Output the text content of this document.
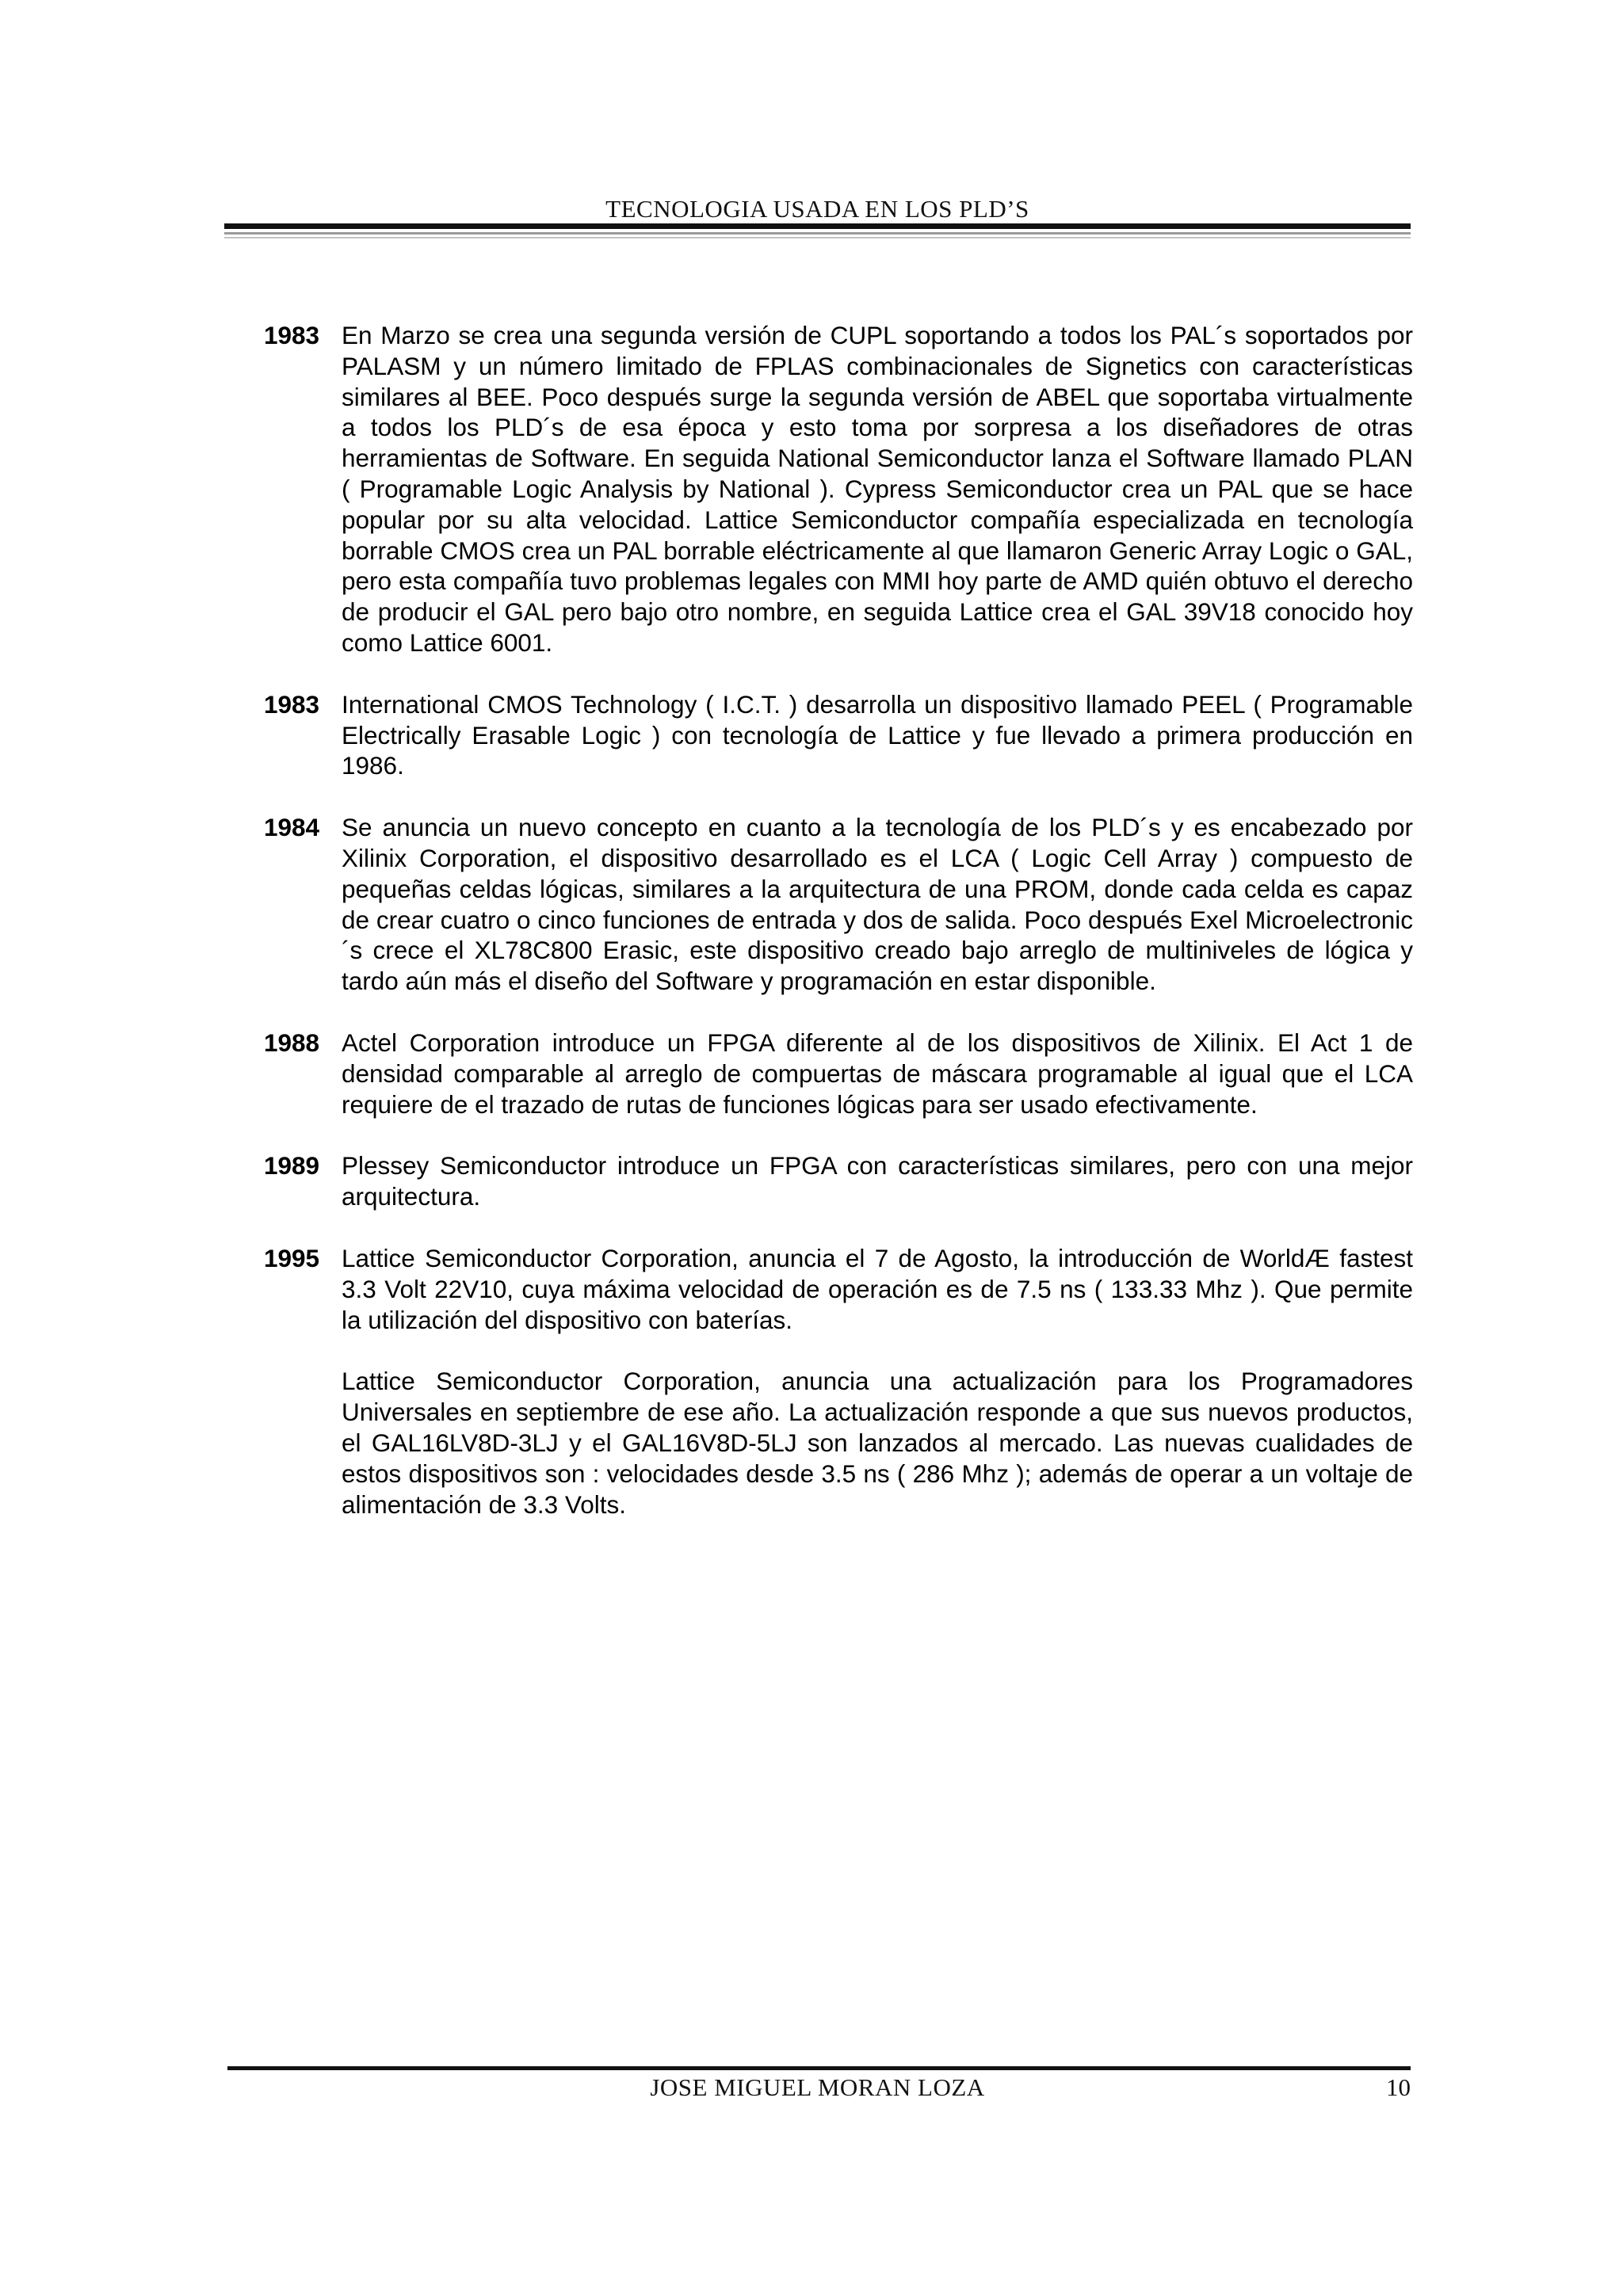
TECNOLOGIA USADA EN LOS PLD’S
1983 En Marzo se crea una segunda versión de CUPL soportando a todos los PAL´s soportados por PALASM y un número limitado de FPLAS combinacionales de Signetics con características similares al BEE. Poco después surge la segunda versión de ABEL que soportaba virtualmente a todos los PLD´s de esa época y esto toma por sorpresa a los diseñadores de otras herramientas de Software. En seguida National Semiconductor lanza el Software llamado PLAN ( Programable Logic Analysis by National ). Cypress Semiconductor crea un PAL que se hace popular por su alta velocidad. Lattice Semiconductor compañía especializada en tecnología borrable CMOS crea un PAL borrable eléctricamente al que llamaron Generic Array Logic o GAL, pero esta compañía tuvo problemas legales con MMI hoy parte de AMD quién obtuvo el derecho de producir el GAL pero bajo otro nombre, en seguida Lattice crea el GAL 39V18 conocido hoy como Lattice 6001.

1983 International CMOS Technology ( I.C.T. ) desarrolla un dispositivo llamado PEEL ( Programable Electrically Erasable Logic ) con tecnología de Lattice y fue llevado a primera producción en 1986.

1984 Se anuncia un nuevo concepto en cuanto a la tecnología de los PLD´s y es encabezado por Xilinix Corporation, el dispositivo desarrollado es el LCA ( Logic Cell Array ) compuesto de pequeñas celdas lógicas, similares a la arquitectura de una PROM, donde cada celda es capaz de crear cuatro o cinco funciones de entrada y dos de salida. Poco después Exel Microelectronic´s crece el XL78C800 Erasic, este dispositivo creado bajo arreglo de multiniveles de lógica y tardo aún más el diseño del Software y programación en estar disponible.

1988 Actel Corporation introduce un FPGA diferente al de los dispositivos de Xilinix. El Act 1 de densidad comparable al arreglo de compuertas de máscara programable al igual que el LCA requiere de el trazado de rutas de funciones lógicas para ser usado efectivamente.

1989 Plessey Semiconductor introduce un FPGA con características similares, pero con una mejor arquitectura.

1995 Lattice Semiconductor Corporation, anuncia el 7 de Agosto, la introducción de WorldÆ fastest 3.3 Volt 22V10, cuya máxima velocidad de operación es de 7.5 ns ( 133.33 Mhz ). Que permite la utilización del dispositivo con baterías.

Lattice Semiconductor Corporation, anuncia una actualización para los Programadores Universales en septiembre de ese año. La actualización responde a que sus nuevos productos, el GAL16LV8D-3LJ y el GAL16V8D-5LJ son lanzados al mercado. Las nuevas cualidades de estos dispositivos son : velocidades desde 3.5 ns ( 286 Mhz ); además de operar a un voltaje de alimentación de 3.3 Volts.

JOSE MIGUEL MORAN LOZA	10
